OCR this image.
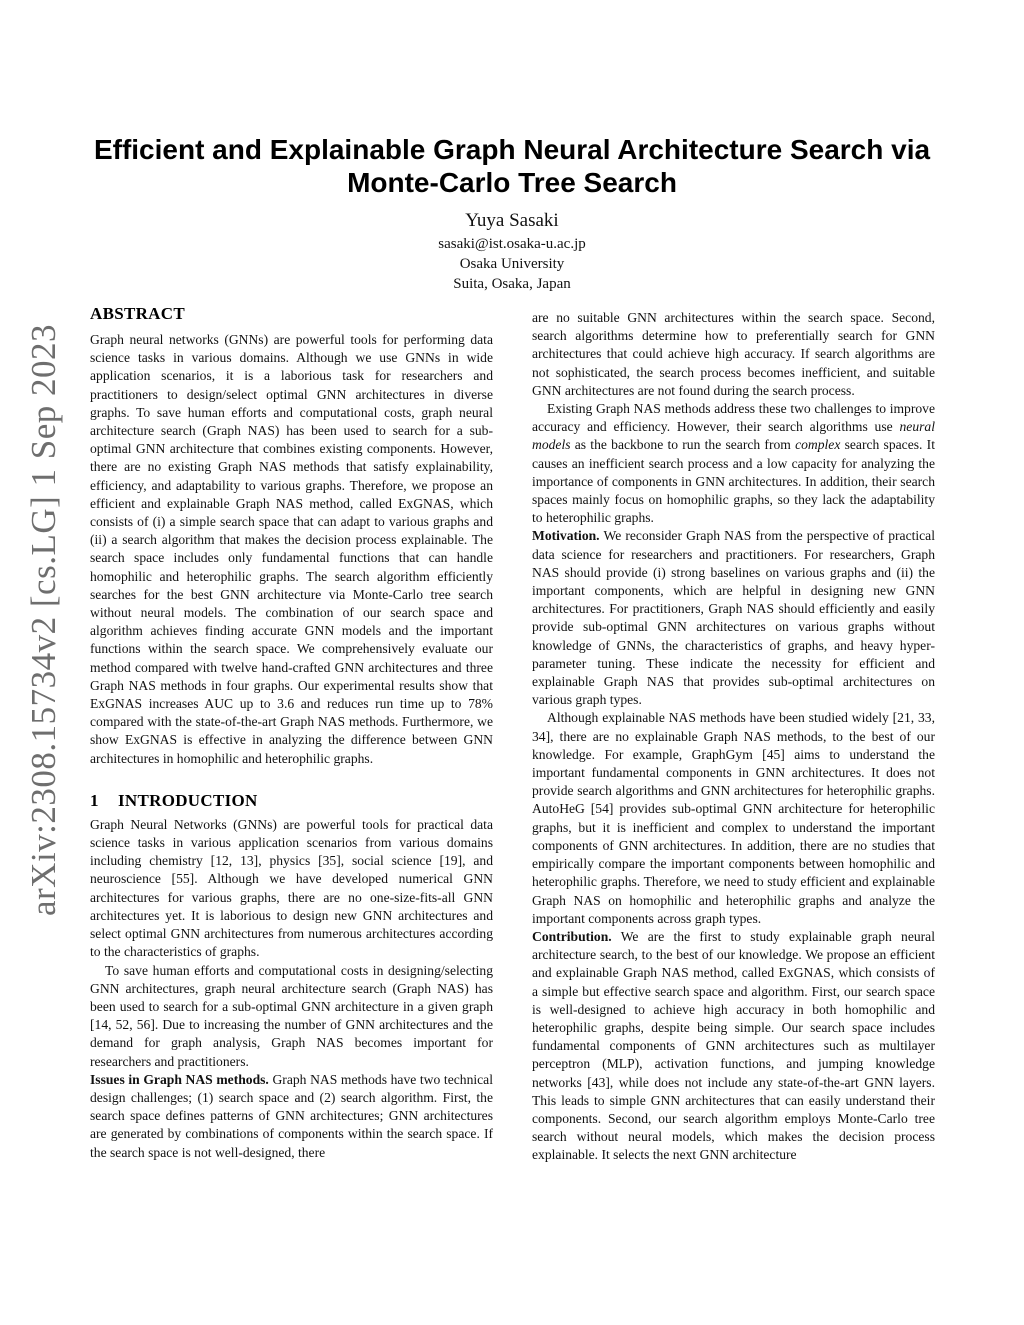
arXiv:2308.15734v2 [cs.LG] 1 Sep 2023
Efficient and Explainable Graph Neural Architecture Search via
Monte-Carlo Tree Search
Yuya Sasaki
sasaki@ist.osaka-u.ac.jp
Osaka University
Suita, Osaka, Japan
ABSTRACT

Graph neural networks (GNNs) are powerful tools for performing data science tasks in various domains. Although we use GNNs in wide application scenarios, it is a laborious task for researchers and practitioners to design/select optimal GNN architectures in diverse graphs. To save human efforts and computational costs, graph neural architecture search (Graph NAS) has been used to search for a sub-optimal GNN architecture that combines existing components. However, there are no existing Graph NAS methods that satisfy explainability, efficiency, and adaptability to various graphs. Therefore, we propose an efficient and explainable Graph NAS method, called ExGNAS, which consists of (i) a simple search space that can adapt to various graphs and (ii) a search algorithm that makes the decision process explainable. The search space includes only fundamental functions that can handle homophilic and heterophilic graphs. The search algorithm efficiently searches for the best GNN architecture via Monte-Carlo tree search without neural models. The combination of our search space and algorithm achieves finding accurate GNN models and the important functions within the search space. We comprehensively evaluate our method compared with twelve hand-crafted GNN architectures and three Graph NAS methods in four graphs. Our experimental results show that ExGNAS increases AUC up to 3.6 and reduces run time up to 78% compared with the state-of-the-art Graph NAS methods. Furthermore, we show ExGNAS is effective in analyzing the difference between GNN architectures in homophilic and heterophilic graphs.

1 INTRODUCTION

Graph Neural Networks (GNNs) are powerful tools for practical data science tasks in various application scenarios from various domains including chemistry [12, 13], physics [35], social science [19], and neuroscience [55]. Although we have developed numerical GNN architectures for various graphs, there are no one-size-fits-all GNN architectures yet. It is laborious to design new GNN architectures and select optimal GNN architectures from numerous architectures according to the characteristics of graphs.

To save human efforts and computational costs in designing/selecting GNN architectures, graph neural architecture search (Graph NAS) has been used to search for a sub-optimal GNN architecture in a given graph [14, 52, 56]. Due to increasing the number of GNN architectures and the demand for graph analysis, Graph NAS becomes important for researchers and practitioners.

Issues in Graph NAS methods. Graph NAS methods have two technical design challenges; (1) search space and (2) search algorithm. First, the search space defines patterns of GNN architectures; GNN architectures are generated by combinations of components within the search space. If the search space is not well-designed, there

are no suitable GNN architectures within the search space. Second, search algorithms determine how to preferentially search for GNN architectures that could achieve high accuracy. If search algorithms are not sophisticated, the search process becomes inefficient, and suitable GNN architectures are not found during the search process.

Existing Graph NAS methods address these two challenges to improve accuracy and efficiency. However, their search algorithms use neural models as the backbone to run the search from complex search spaces. It causes an inefficient search process and a low capacity for analyzing the importance of components in GNN architectures. In addition, their search spaces mainly focus on homophilic graphs, so they lack the adaptability to heterophilic graphs.

Motivation. We reconsider Graph NAS from the perspective of practical data science for researchers and practitioners. For researchers, Graph NAS should provide (i) strong baselines on various graphs and (ii) the important components, which are helpful in designing new GNN architectures. For practitioners, Graph NAS should efficiently and easily provide sub-optimal GNN architectures on various graphs without knowledge of GNNs, the characteristics of graphs, and heavy hyper-parameter tuning. These indicate the necessity for efficient and explainable Graph NAS that provides sub-optimal architectures on various graph types.

Although explainable NAS methods have been studied widely [21, 33, 34], there are no explainable Graph NAS methods, to the best of our knowledge. For example, GraphGym [45] aims to understand the important fundamental components in GNN architectures. It does not provide search algorithms and GNN architectures for heterophilic graphs. AutoHeG [54] provides sub-optimal GNN architecture for heterophilic graphs, but it is inefficient and complex to understand the important components of GNN architectures. In addition, there are no studies that empirically compare the important components between homophilic and heterophilic graphs. Therefore, we need to study efficient and explainable Graph NAS on homophilic and heterophilic graphs and analyze the important components across graph types.

Contribution. We are the first to study explainable graph neural architecture search, to the best of our knowledge. We propose an efficient and explainable Graph NAS method, called ExGNAS, which consists of a simple but effective search space and algorithm. First, our search space is well-designed to achieve high accuracy in both homophilic and heterophilic graphs, despite being simple. Our search space includes fundamental components of GNN architectures such as multilayer perceptron (MLP), activation functions, and jumping knowledge networks [43], while does not include any state-of-the-art GNN layers. This leads to simple GNN architectures that can easily understand their components. Second, our search algorithm employs Monte-Carlo tree search without neural models, which makes the decision process explainable. It selects the next GNN architecture
